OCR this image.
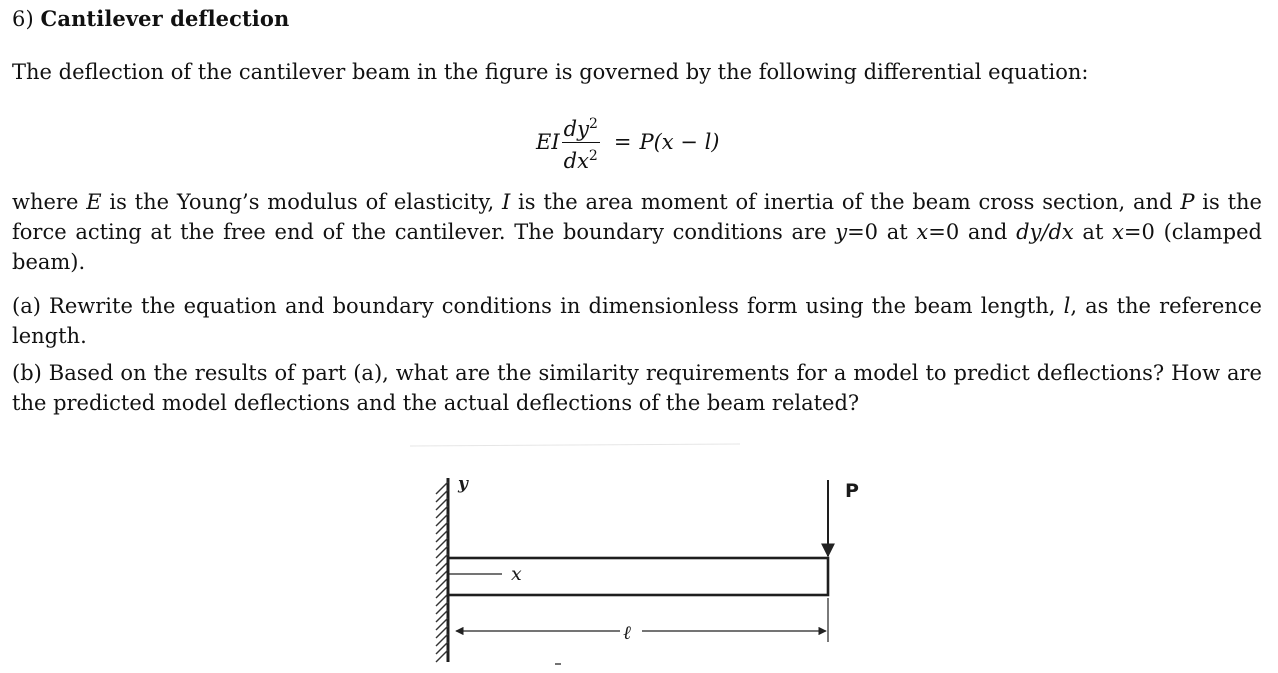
6) Cantilever deflection
The deflection of the cantilever beam in the figure is governed by the following differential equation:
EI $\frac{dy^2}{dx^2} = P(x - l)$
where E is the Young’s modulus of elasticity, I is the area moment of inertia of the beam cross section, and P is the force acting at the free end of the cantilever. The boundary conditions are y=0 at x=0 and dy/dx at x=0 (clamped beam).
(a) Rewrite the equation and boundary conditions in dimensionless form using the beam length, l, as the reference length.
(b) Based on the results of part (a), what are the similarity requirements for a model to predict deflections? How are the predicted model deflections and the actual deflections of the beam related?
y	P
x
ℓ
